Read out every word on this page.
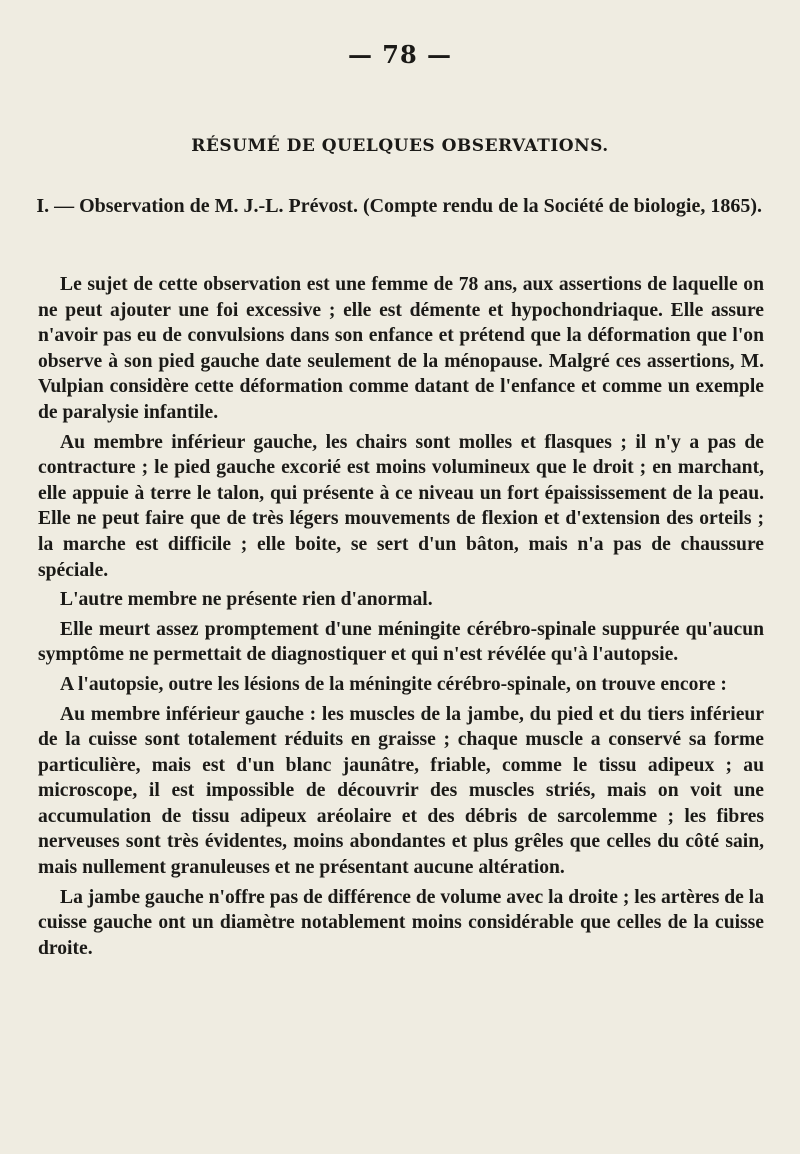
— 78 —
RÉSUMÉ DE QUELQUES OBSERVATIONS.
I. — Observation de M. J.-L. Prévost. (Compte rendu de la Société de biologie, 1865).

Le sujet de cette observation est une femme de 78 ans, aux assertions de laquelle on ne peut ajouter une foi excessive ; elle est démente et hypochondriaque. Elle assure n'avoir pas eu de convulsions dans son enfance et prétend que la déformation que l'on observe à son pied gauche date seulement de la ménopause. Malgré ces assertions, M. Vulpian considère cette déformation comme datant de l'enfance et comme un exemple de paralysie infantile.

Au membre inférieur gauche, les chairs sont molles et flasques ; il n'y a pas de contracture ; le pied gauche excorié est moins volumineux que le droit ; en marchant, elle appuie à terre le talon, qui présente à ce niveau un fort épaississement de la peau. Elle ne peut faire que de très légers mouvements de flexion et d'extension des orteils ; la marche est difficile ; elle boite, se sert d'un bâton, mais n'a pas de chaussure spéciale.

L'autre membre ne présente rien d'anormal.

Elle meurt assez promptement d'une méningite cérébro-spinale suppurée qu'aucun symptôme ne permettait de diagnostiquer et qui n'est révélée qu'à l'autopsie.

A l'autopsie, outre les lésions de la méningite cérébro-spinale, on trouve encore :

Au membre inférieur gauche : les muscles de la jambe, du pied et du tiers inférieur de la cuisse sont totalement réduits en graisse ; chaque muscle a conservé sa forme particulière, mais est d'un blanc jaunâtre, friable, comme le tissu adipeux ; au microscope, il est impossible de découvrir des muscles striés, mais on voit une accumulation de tissu adipeux aréolaire et des débris de sarcolemme ; les fibres nerveuses sont très évidentes, moins abondantes et plus grêles que celles du côté sain, mais nullement granuleuses et ne présentant aucune altération.

La jambe gauche n'offre pas de différence de volume avec la droite ; les artères de la cuisse gauche ont un diamètre notablement moins considérable que celles de la cuisse droite.
